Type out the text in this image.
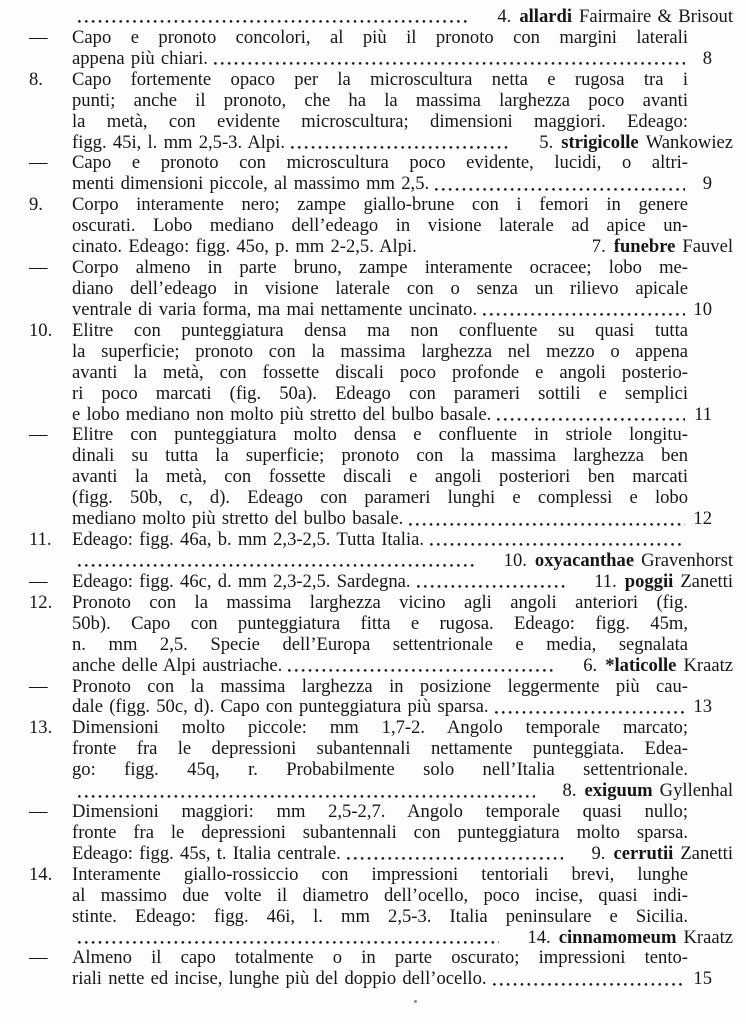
4. allardi Fairmaire & Brisout
—	Capo e pronoto concolori, al più il pronoto con margini laterali
appena più chiari.	8
8.	Capo fortemente opaco per la microscultura netta e rugosa tra i
punti; anche il pronoto, che ha la massima larghezza poco avanti
la metà, con evidente microscultura; dimensioni maggiori. Edeago:
figg. 45i, l. mm 2,5-3. Alpi.	5. strigicolle Wankowiez
—	Capo e pronoto con microscultura poco evidente, lucidi, o altri-
menti dimensioni piccole, al massimo mm 2,5.	9
9.	Corpo interamente nero; zampe giallo-brune con i femori in genere
oscurati. Lobo mediano dell’edeago in visione laterale ad apice un-
cinato. Edeago: figg. 45o, p. mm 2-2,5. Alpi.	7. funebre Fauvel
—	Corpo almeno in parte bruno, zampe interamente ocracee; lobo me-
diano dell’edeago in visione laterale con o senza un rilievo apicale
ventrale di varia forma, ma mai nettamente uncinato.	10
10.	Elitre con punteggiatura densa ma non confluente su quasi tutta
la superficie; pronoto con la massima larghezza nel mezzo o appena
avanti la metà, con fossette discali poco profonde e angoli posterio-
ri poco marcati (fig. 50a). Edeago con parameri sottili e semplici
e lobo mediano non molto più stretto del bulbo basale.	11
—	Elitre con punteggiatura molto densa e confluente in striole longitu-
dinali su tutta la superficie; pronoto con la massima larghezza ben
avanti la metà, con fossette discali e angoli posteriori ben marcati
(figg. 50b, c, d). Edeago con parameri lunghi e complessi e lobo
mediano molto più stretto del bulbo basale.	12
11.	Edeago: figg. 46a, b. mm 2,3-2,5. Tutta Italia.
10. oxyacanthae Gravenhorst
—	Edeago: figg. 46c, d. mm 2,3-2,5. Sardegna.	11. poggii Zanetti
12.	Pronoto con la massima larghezza vicino agli angoli anteriori (fig.
50b). Capo con punteggiatura fitta e rugosa. Edeago: figg. 45m,
n. mm 2,5. Specie dell’Europa settentrionale e media, segnalata
anche delle Alpi austriache.	6. *laticolle Kraatz
—	Pronoto con la massima larghezza in posizione leggermente più cau-
dale (figg. 50c, d). Capo con punteggiatura più sparsa.	13
13.	Dimensioni molto piccole: mm 1,7-2. Angolo temporale marcato;
fronte fra le depressioni subantennali nettamente punteggiata. Edea-
go: figg. 45q, r. Probabilmente solo nell’Italia settentrionale.
8. exiguum Gyllenhal
—	Dimensioni maggiori: mm 2,5-2,7. Angolo temporale quasi nullo;
fronte fra le depressioni subantennali con punteggiatura molto sparsa.
Edeago: figg. 45s, t. Italia centrale.	9. cerrutii Zanetti
14.	Interamente giallo-rossiccio con impressioni tentoriali brevi, lunghe
al massimo due volte il diametro dell’ocello, poco incise, quasi indi-
stinte. Edeago: figg. 46i, l. mm 2,5-3. Italia peninsulare e Sicilia.
14. cinnamomeum Kraatz
—	Almeno il capo totalmente o in parte oscurato; impressioni tento-
riali nette ed incise, lunghe più del doppio dell’ocello.	15
